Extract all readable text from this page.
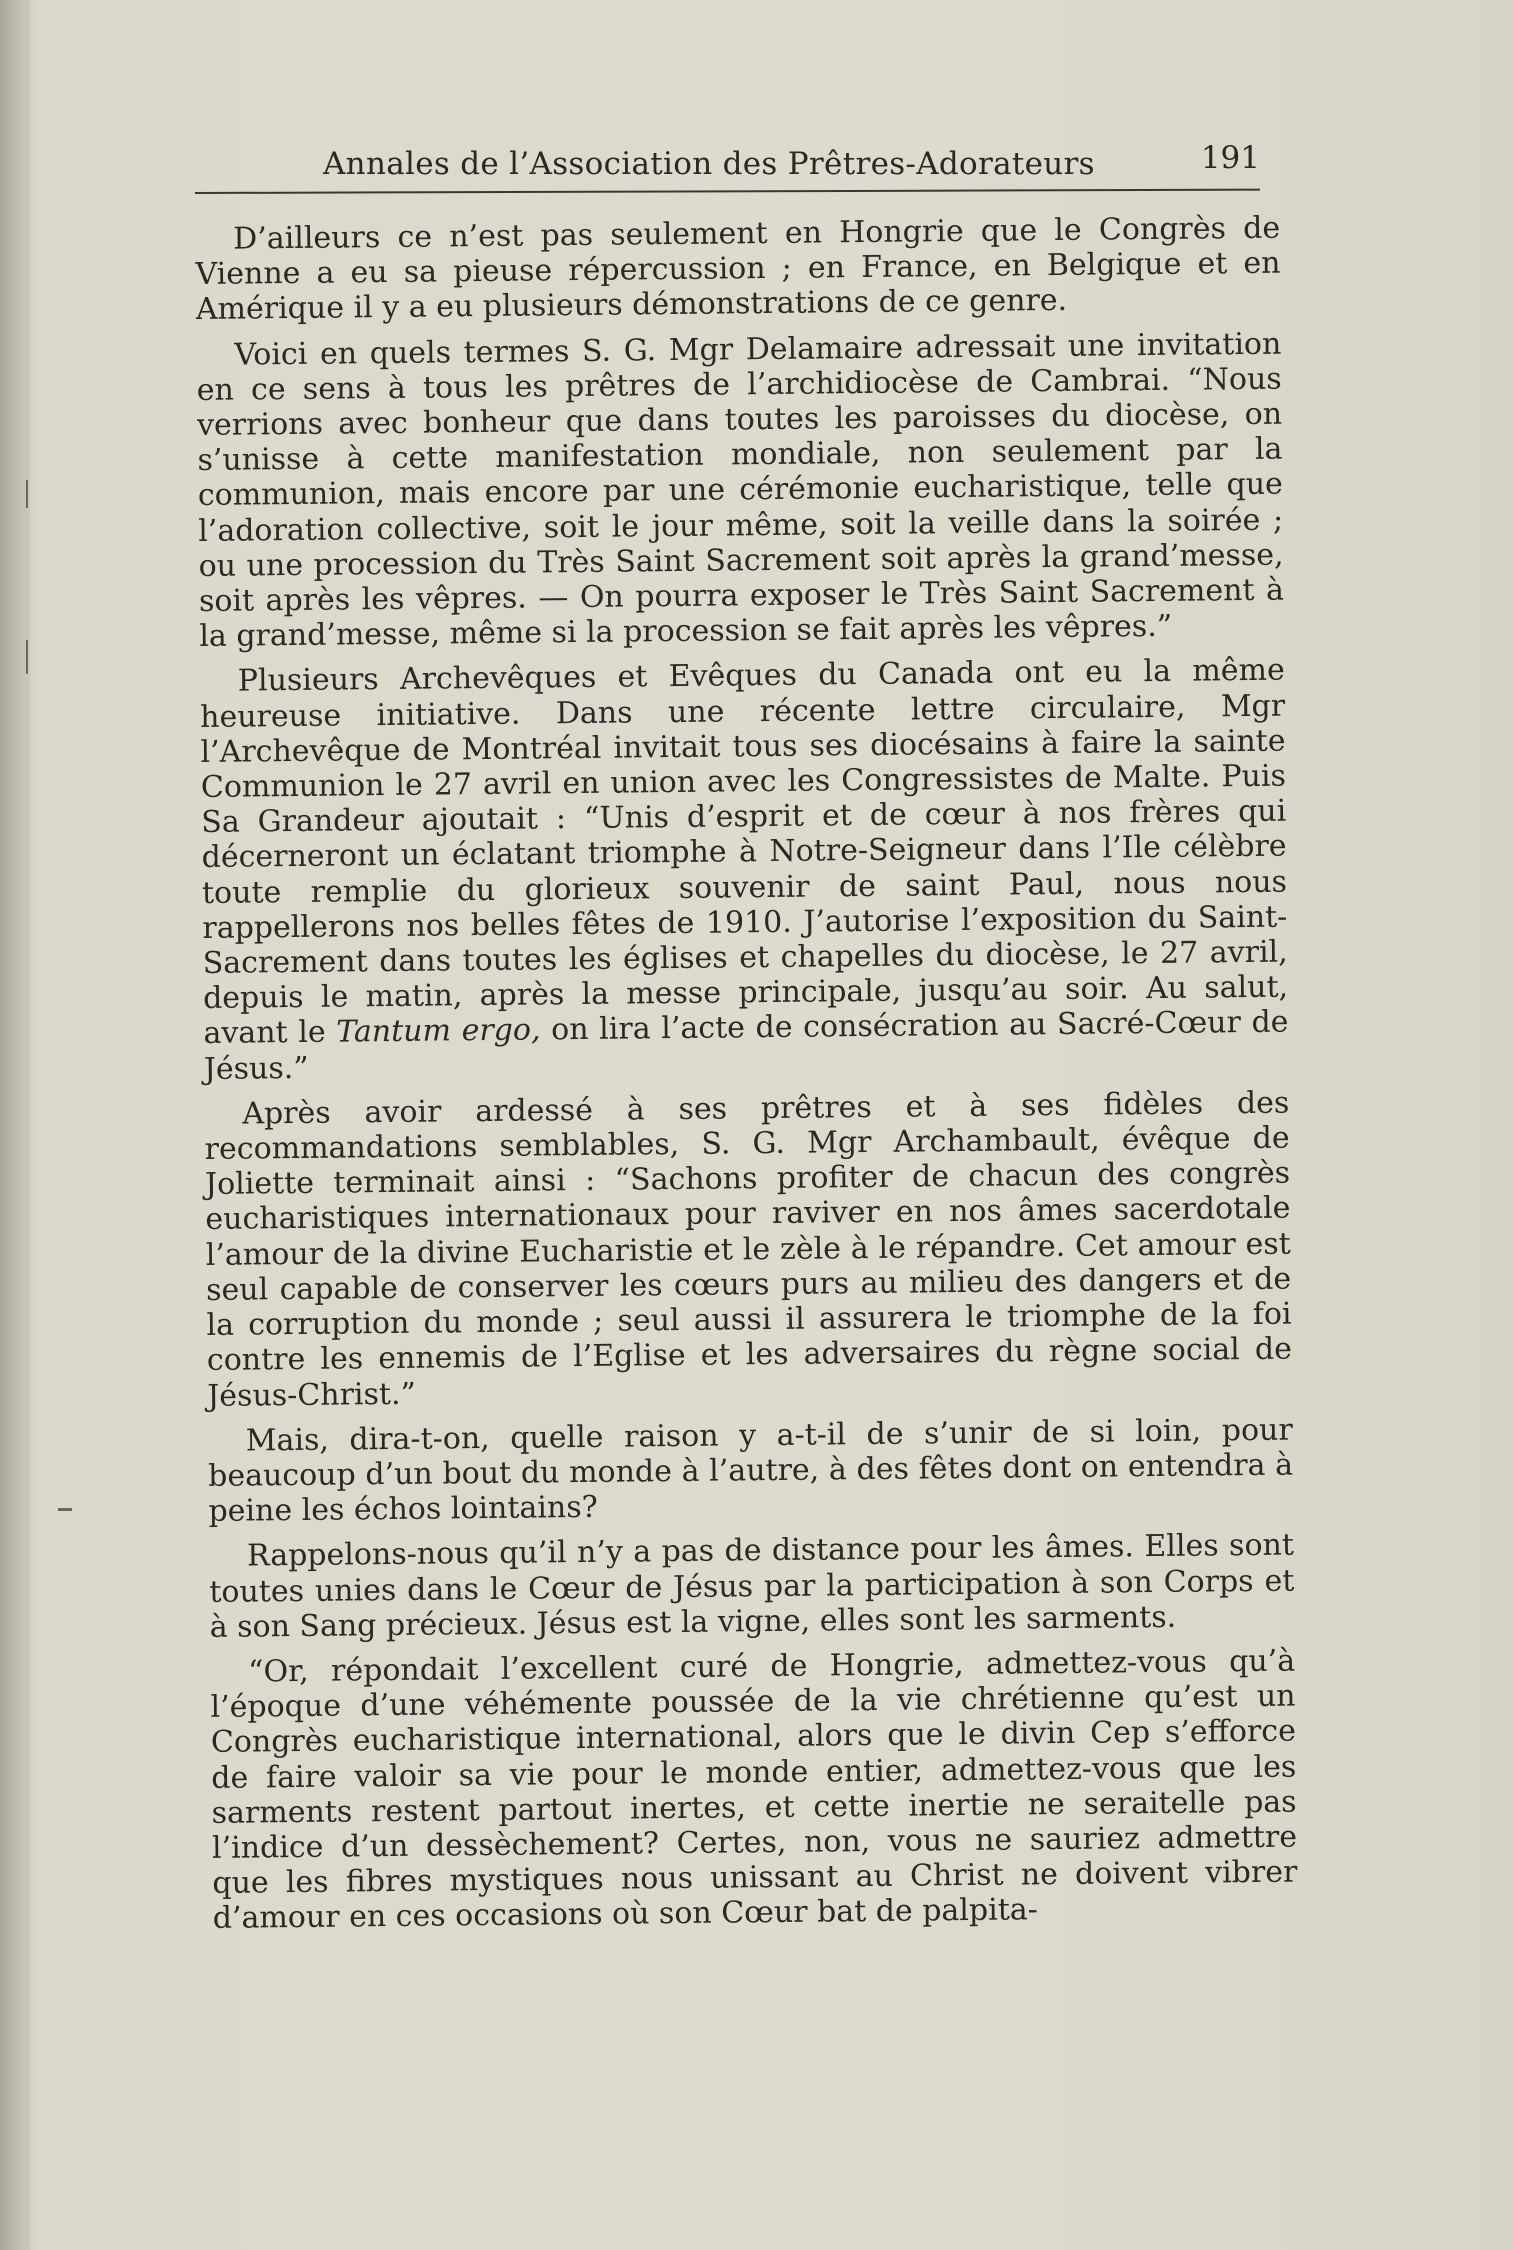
Annales de l’Association des Prêtres-Adorateurs	191

D’ailleurs ce n’est pas seulement en Hongrie que le Congrès de Vienne a eu sa pieuse répercussion ; en France, en Belgique et en Amérique il y a eu plusieurs démonstrations de ce genre.

Voici en quels termes S. G. Mgr Delamaire adressait une invitation en ce sens à tous les prêtres de l’archidiocèse de Cambrai. “Nous verrions avec bonheur que dans toutes les paroisses du diocèse, on s’unisse à cette manifestation mondiale, non seulement par la communion, mais encore par une cérémonie eucharistique, telle que l’adoration collective, soit le jour même, soit la veille dans la soirée ; ou une procession du Très Saint Sacrement soit après la grand’messe, soit après les vêpres. — On pourra exposer le Très Saint Sacrement à la grand’messe, même si la procession se fait après les vêpres.”

Plusieurs Archevêques et Evêques du Canada ont eu la même heureuse initiative. Dans une récente lettre circulaire, Mgr l’Archevêque de Montréal invitait tous ses diocésains à faire la sainte Communion le 27 avril en union avec les Congressistes de Malte. Puis Sa Grandeur ajoutait : “Unis d’esprit et de cœur à nos frères qui décerneront un éclatant triomphe à Notre-Seigneur dans l’Ile célèbre toute remplie du glorieux souvenir de saint Paul, nous nous rappellerons nos belles fêtes de 1910. J’autorise l’exposition du Saint-Sacrement dans toutes les églises et chapelles du diocèse, le 27 avril, depuis le matin, après la messe principale, jusqu’au soir. Au salut, avant le Tantum ergo, on lira l’acte de consécration au Sacré-Cœur de Jésus.”

Après avoir ardessé à ses prêtres et à ses fidèles des recommandations semblables, S. G. Mgr Archambault, évêque de Joliette terminait ainsi : “Sachons profiter de chacun des congrès eucharistiques internationaux pour raviver en nos âmes sacerdotale l’amour de la divine Eucharistie et le zèle à le répandre. Cet amour est seul capable de conserver les cœurs purs au milieu des dangers et de la corruption du monde ; seul aussi il assurera le triomphe de la foi contre les ennemis de l’Eglise et les adversaires du règne social de Jésus-Christ.”

Mais, dira-t-on, quelle raison y a-t-il de s’unir de si loin, pour beaucoup d’un bout du monde à l’autre, à des fêtes dont on entendra à peine les échos lointains?

Rappelons-nous qu’il n’y a pas de distance pour les âmes. Elles sont toutes unies dans le Cœur de Jésus par la participation à son Corps et à son Sang précieux. Jésus est la vigne, elles sont les sarments.

“Or, répondait l’excellent curé de Hongrie, admettez-vous qu’à l’époque d’une véhémente poussée de la vie chrétienne qu’est un Congrès eucharistique international, alors que le divin Cep s’efforce de faire valoir sa vie pour le monde entier, admettez-vous que les sarments restent partout inertes, et cette inertie ne seraitelle pas l’indice d’un dessèchement? Certes, non, vous ne sauriez admettre que les fibres mystiques nous unissant au Christ ne doivent vibrer d’amour en ces occasions où son Cœur bat de palpita-
